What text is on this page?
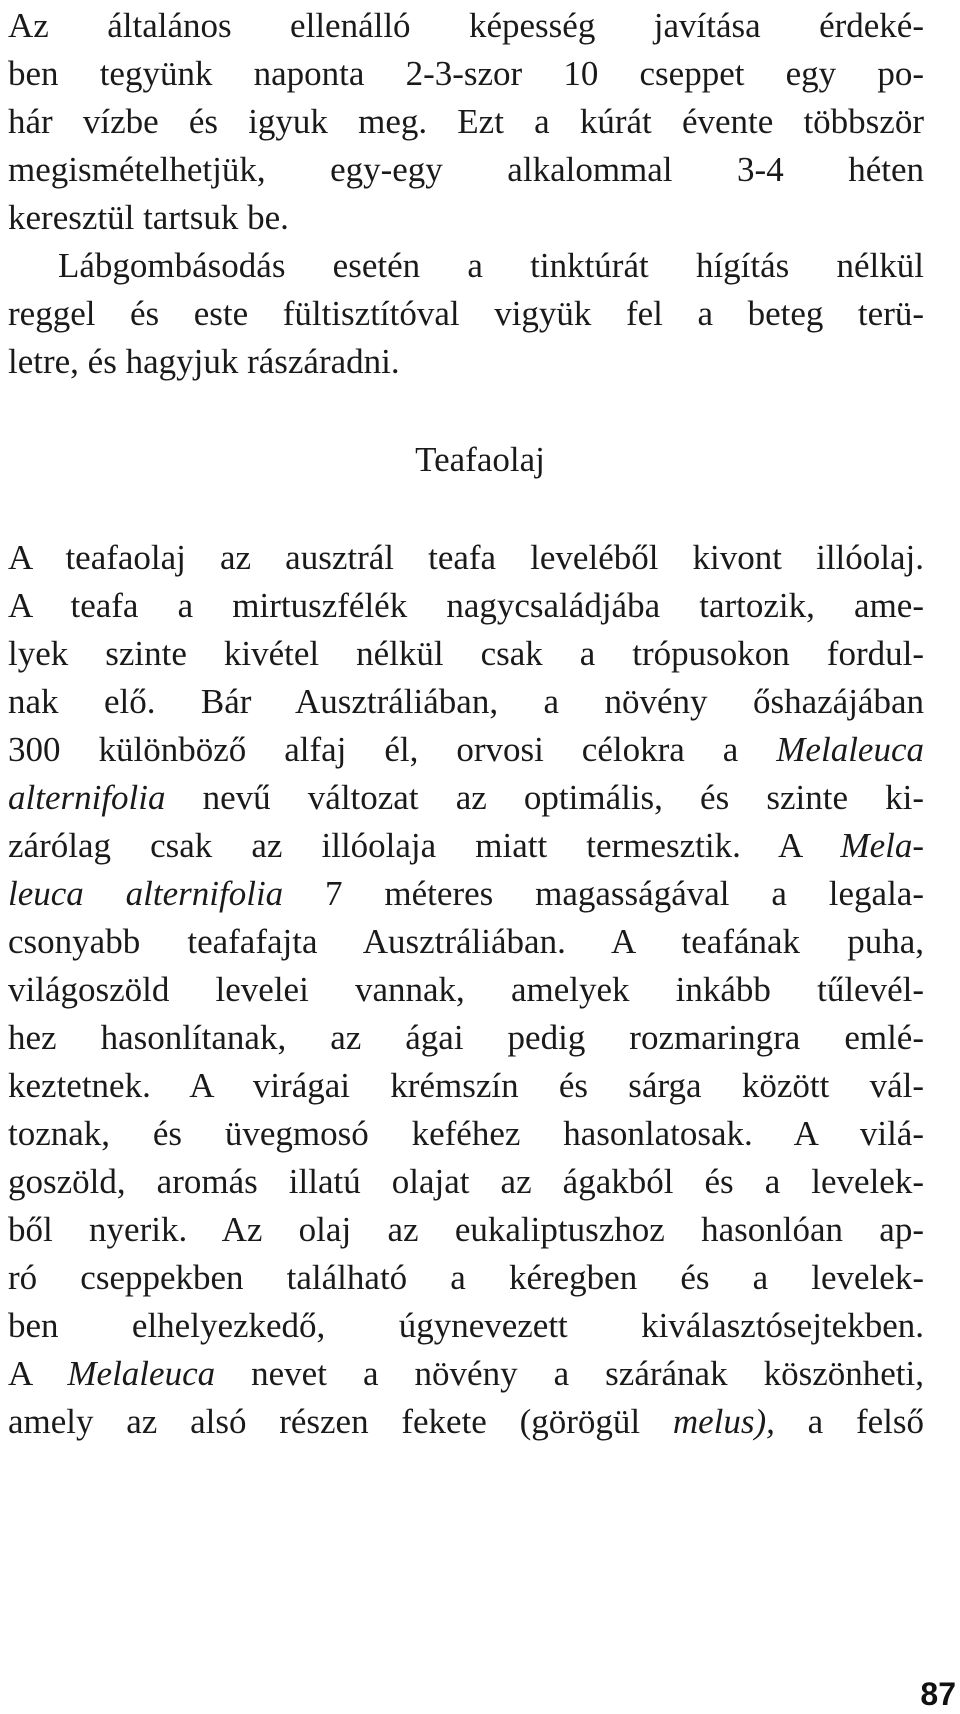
Az általános ellenálló képesség javítása érdeké-
ben tegyünk naponta 2-3-szor 10 cseppet egy po-
hár vízbe és igyuk meg. Ezt a kúrát évente többször
megismételhetjük, egy-egy alkalommal 3-4 héten
keresztül tartsuk be.
Lábgombásodás esetén a tinktúrát hígítás nélkül
reggel és este fültisztítóval vigyük fel a beteg terü-
letre, és hagyjuk rászáradni.
Teafaolaj
A teafaolaj az ausztrál teafa leveléből kivont illóolaj.
A teafa a mirtuszfélék nagycsaládjába tartozik, ame-
lyek szinte kivétel nélkül csak a trópusokon fordul-
nak elő. Bár Ausztráliában, a növény őshazájában
300 különböző alfaj él, orvosi célokra a Melaleuca
alternifolia nevű változat az optimális, és szinte ki-
zárólag csak az illóolaja miatt termesztik. A Mela-
leuca alternifolia 7 méteres magasságával a legala-
csonyabb teafafajta Ausztráliában. A teafának puha,
világoszöld levelei vannak, amelyek inkább tűlevél-
hez hasonlítanak, az ágai pedig rozmaringra emlé-
keztetnek. A virágai krémszín és sárga között vál-
toznak, és üvegmosó keféhez hasonlatosak. A vilá-
goszöld, aromás illatú olajat az ágakból és a levelek-
ből nyerik. Az olaj az eukaliptuszhoz hasonlóan ap-
ró cseppekben található a kéregben és a levelek-
ben elhelyezkedő, úgynevezett kiválasztósejtekben.
A Melaleuca nevet a növény a szárának köszönheti,
amely az alsó részen fekete (görögül melus), a felső
87
